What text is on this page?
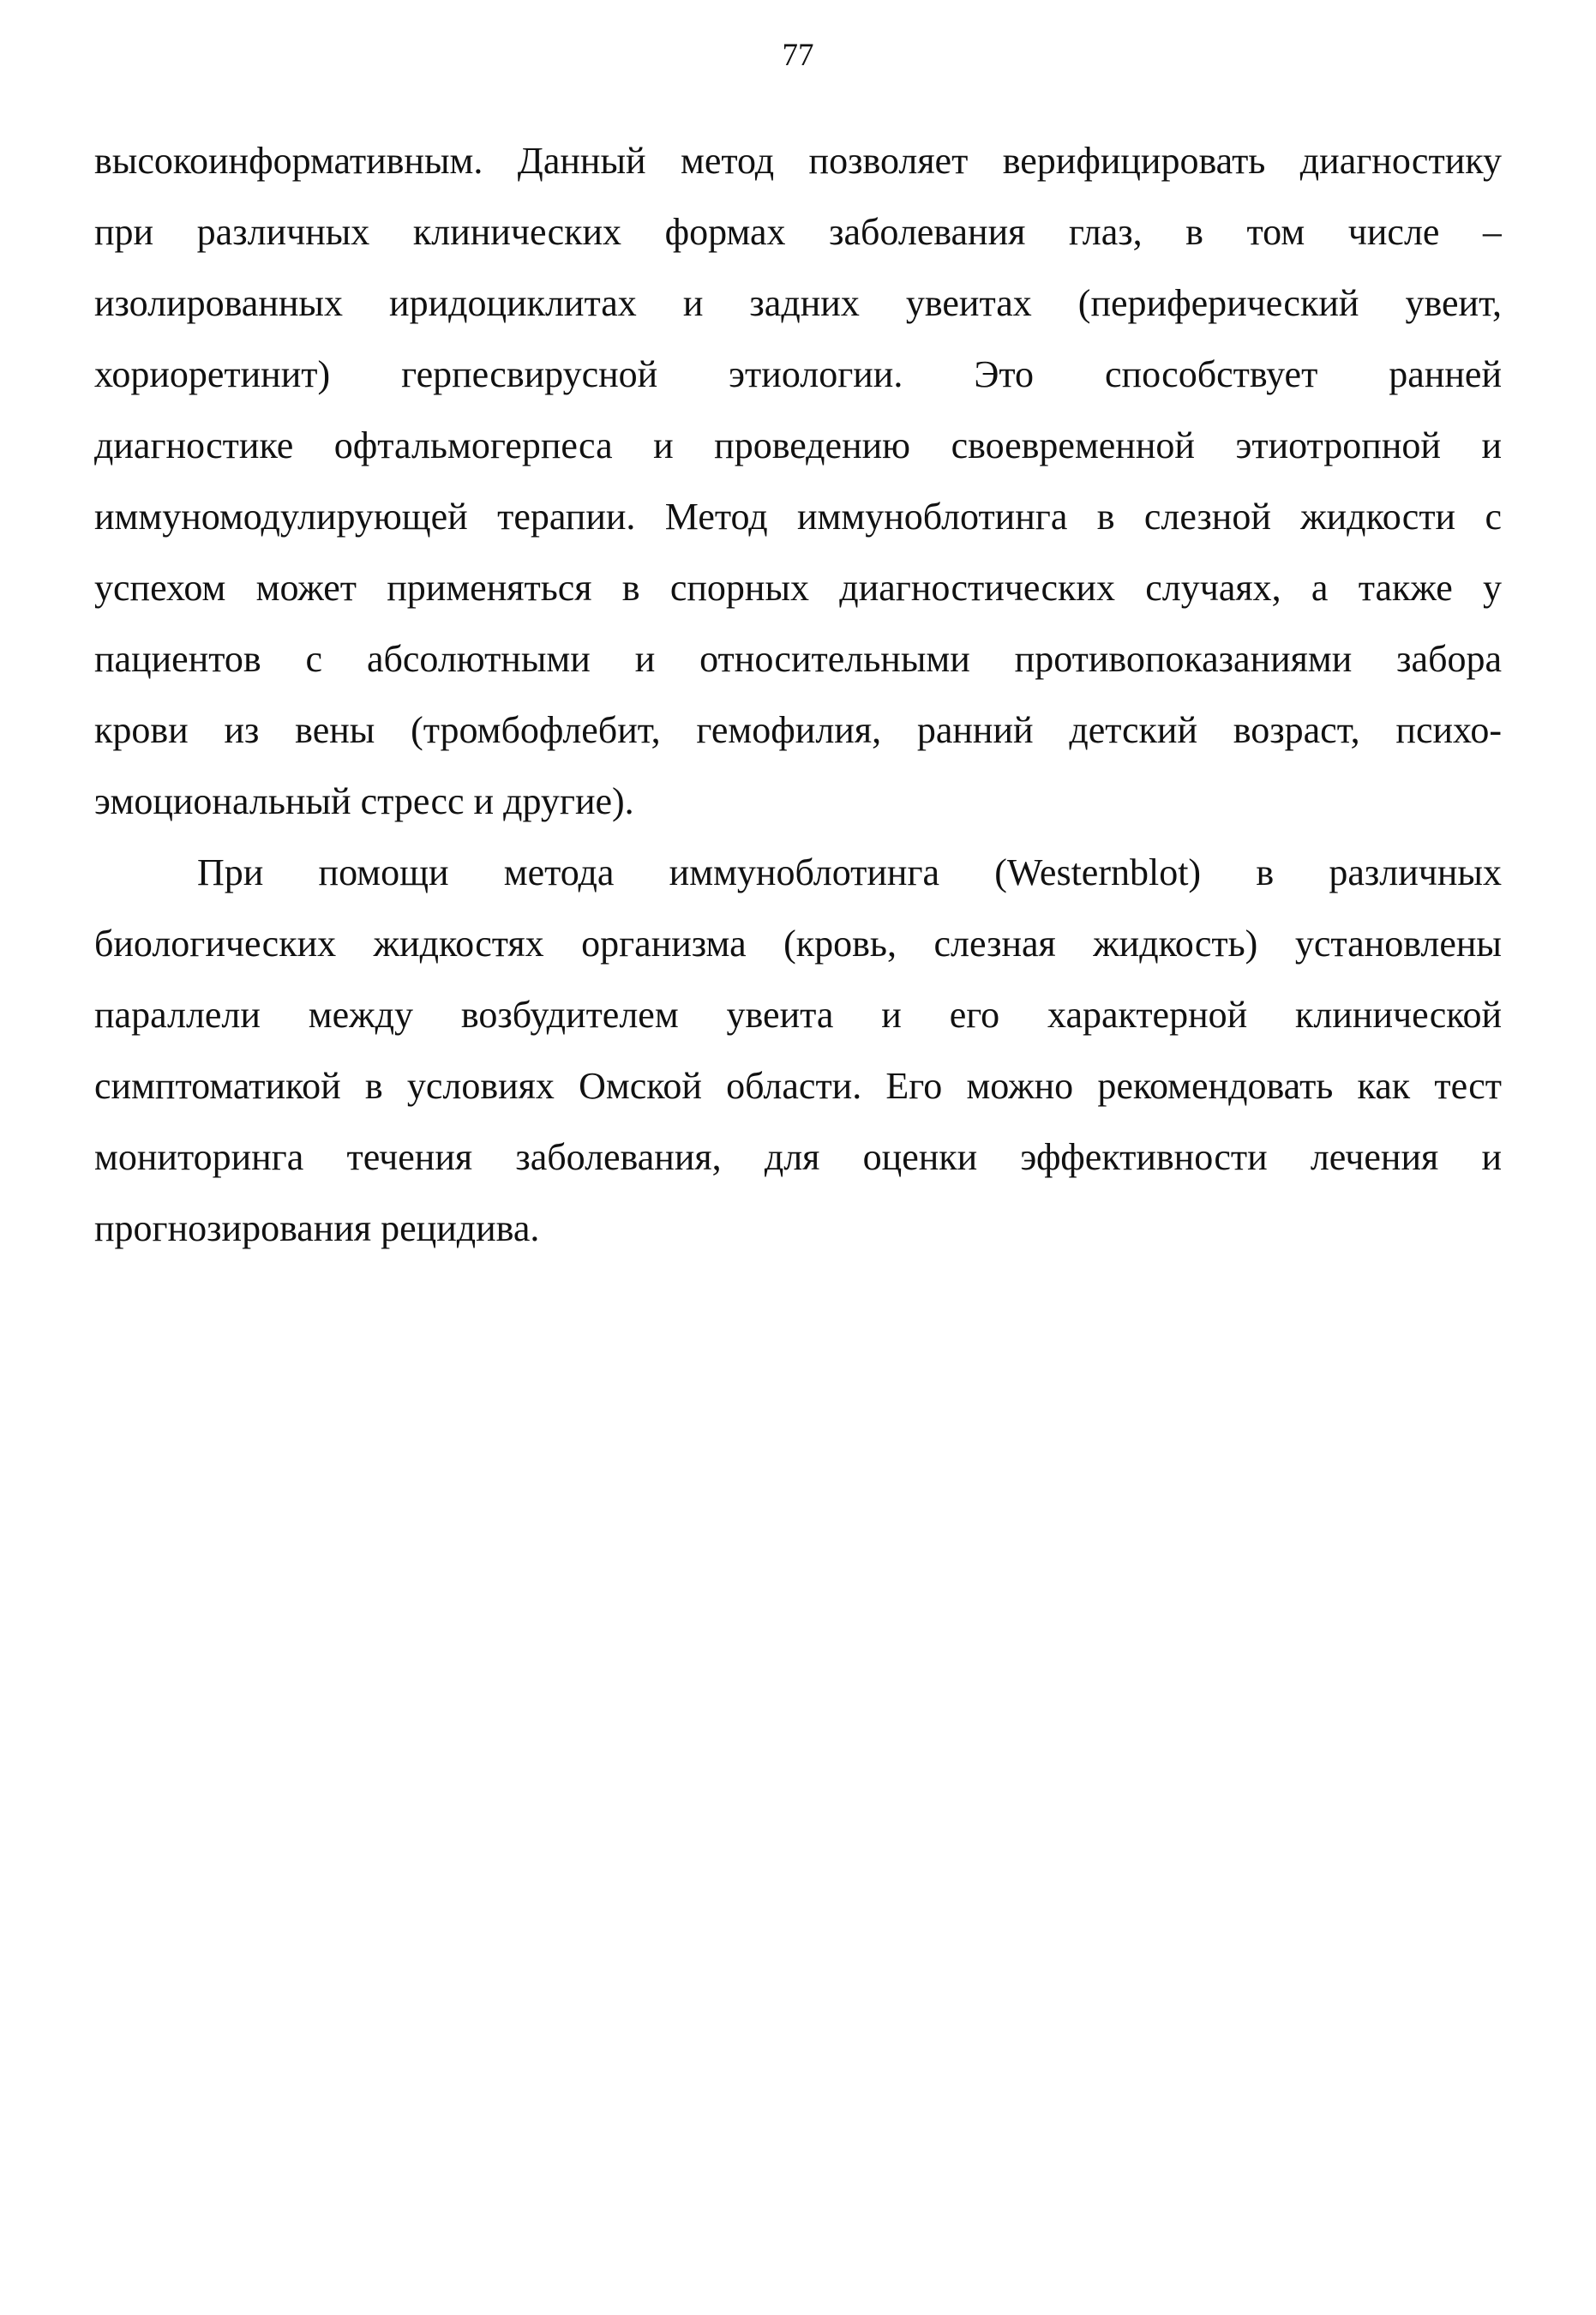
77
высокоинформативным. Данный метод позволяет верифицировать диагностику
при различных клинических формах заболевания глаз, в том числе –
изолированных иридоциклитах и задних увеитах (периферический увеит,
хориоретинит) герпесвирусной этиологии. Это способствует ранней
диагностике офтальмогерпеса и проведению своевременной этиотропной и
иммуномодулирующей терапии. Метод иммуноблотинга в слезной жидкости с
успехом может применяться в спорных диагностических случаях, а также у
пациентов с абсолютными и относительными противопоказаниями забора
крови из вены (тромбофлебит, гемофилия, ранний детский возраст, психо-
эмоциональный стресс и другие).
При помощи метода иммуноблотинга (Westernblot) в различных
биологических жидкостях организма (кровь, слезная жидкость) установлены
параллели между возбудителем увеита и его характерной клинической
симптоматикой в условиях Омской области. Его можно рекомендовать как тест
мониторинга течения заболевания, для оценки эффективности лечения и
прогнозирования рецидива.
